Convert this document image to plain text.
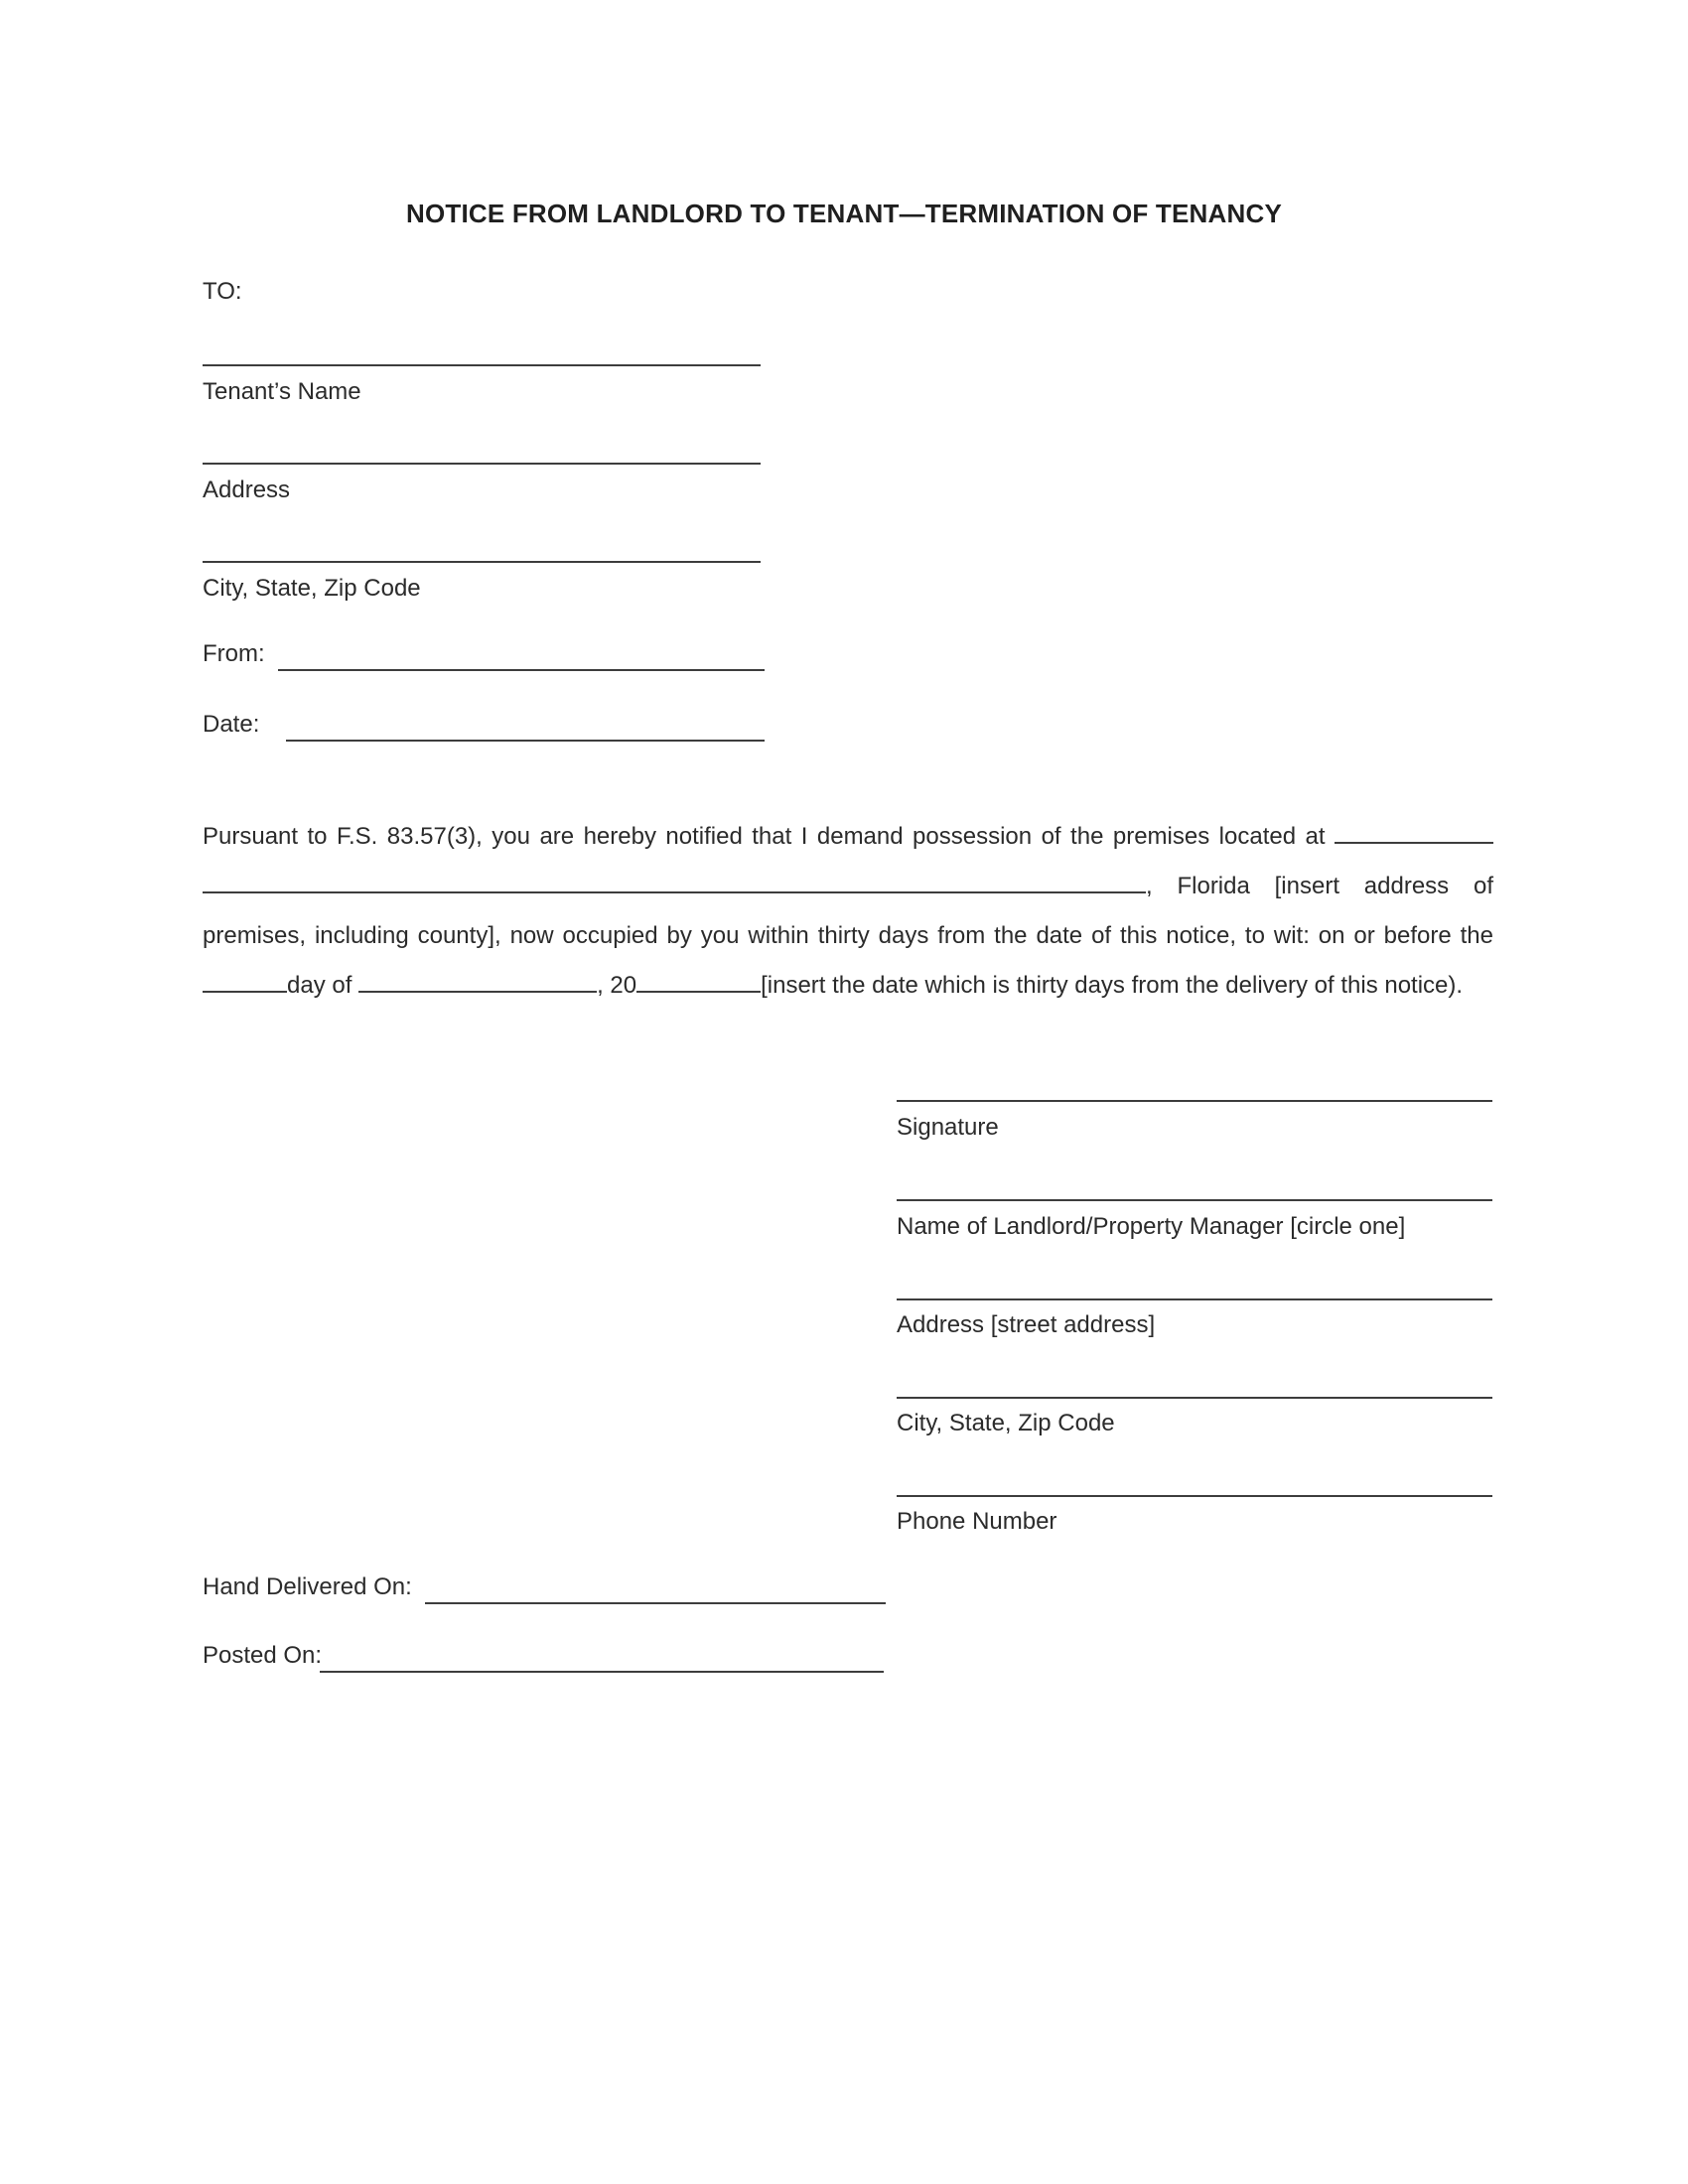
NOTICE FROM LANDLORD TO TENANT—TERMINATION OF TENANCY
TO:
Tenant’s Name
Address
City, State, Zip Code
From:
Date:
Pursuant to F.S. 83.57(3), you are hereby notified that I demand possession of the premises located at  , Florida [insert address of premises, including county], now occupied by you within thirty days from the date of this notice, to wit: on or before the day of	, 20	[insert the date which is thirty days from the delivery of this notice).
Signature
Name of Landlord/Property Manager [circle one]
Address [street address]
City, State, Zip Code
Phone Number
Hand Delivered On:
Posted On:
